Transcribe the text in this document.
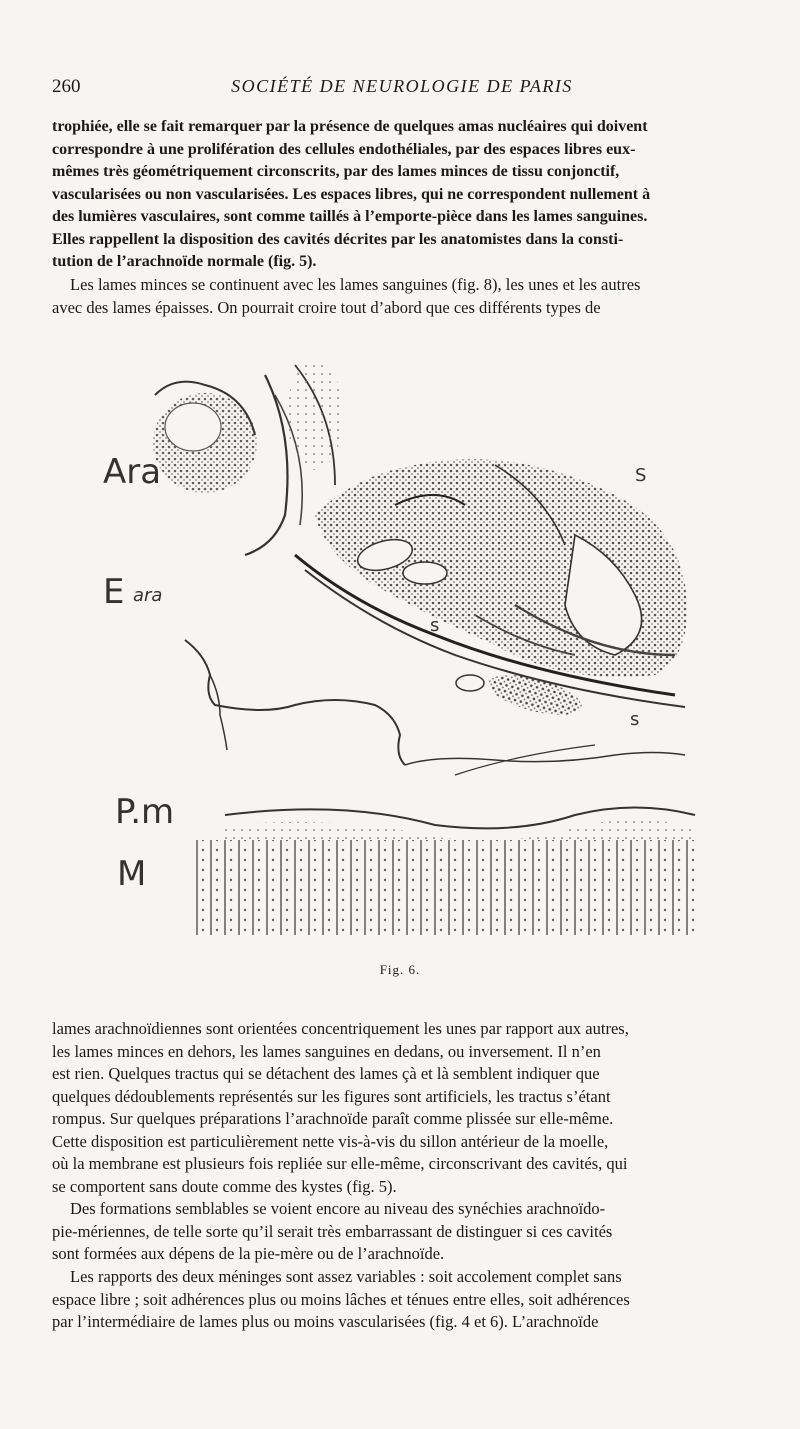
260	SOCIÉTÉ DE NEUROLOGIE DE PARIS

trophiée, elle se fait remarquer par la présence de quelques amas nucléaires qui doivent
correspondre à une prolifération des cellules endothéliales, par des espaces libres eux-
mêmes très géométriquement circonscrits, par des lames minces de tissu conjonctif,
vascularisées ou non vascularisées. Les espaces libres, qui ne correspondent nullement à
des lumières vasculaires, sont comme taillés à l’emporte-pièce dans les lames sanguines.
Elles rappellent la disposition des cavités décrites par les anatomistes dans la consti-
tution de l’arachnoïde normale (fig. 5).

Les lames minces se continuent avec les lames sanguines (fig. 8), les unes et les autres
avec des lames épaisses. On pourrait croire tout d’abord que ces différents types de

Ara
E ara
P.m
M
S
s
s
Fig. 6.

lames arachnoïdiennes sont orientées concentriquement les unes par rapport aux autres,
les lames minces en dehors, les lames sanguines en dedans, ou inversement. Il n’en
est rien. Quelques tractus qui se détachent des lames çà et là semblent indiquer que
quelques dédoublements représentés sur les figures sont artificiels, les tractus s’étant
rompus. Sur quelques préparations l’arachnoïde paraît comme plissée sur elle-même.
Cette disposition est particulièrement nette vis-à-vis du sillon antérieur de la moelle,
où la membrane est plusieurs fois repliée sur elle-même, circonscrivant des cavités, qui
se comportent sans doute comme des kystes (fig. 5).

Des formations semblables se voient encore au niveau des synéchies arachnoïdo-
pie-mériennes, de telle sorte qu’il serait très embarrassant de distinguer si ces cavités
sont formées aux dépens de la pie-mère ou de l’arachnoïde.

Les rapports des deux méninges sont assez variables : soit accolement complet sans
espace libre ; soit adhérences plus ou moins lâches et ténues entre elles, soit adhérences
par l’intermédiaire de lames plus ou moins vascularisées (fig. 4 et 6). L’arachnoïde
